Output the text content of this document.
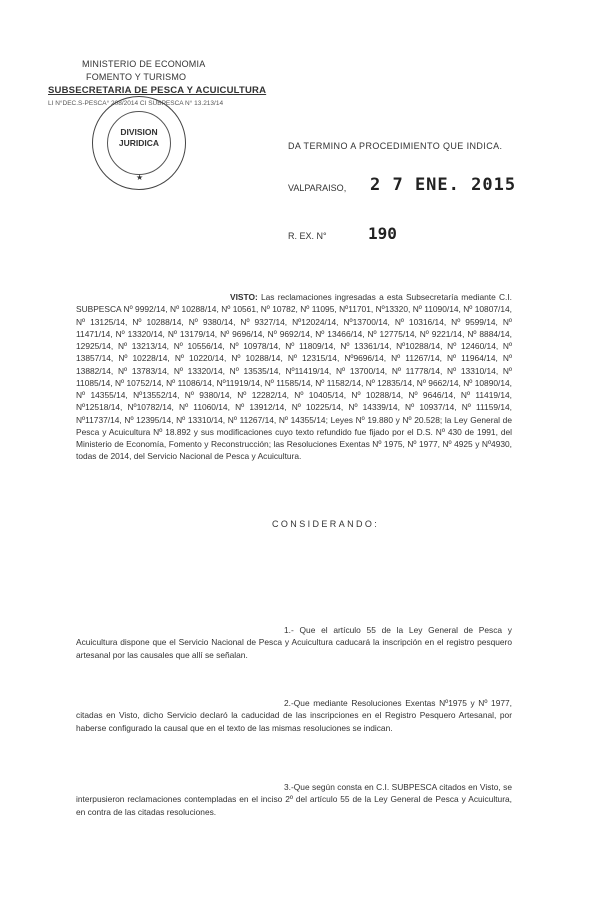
MINISTERIO DE ECONOMIA
FOMENTO Y TURISMO
SUBSECRETARIA DE PESCA Y ACUICULTURA
LI N°DEC.S-PESCA° 208/2014 CI SUBPESCA N° 13.213/14
DIVISION
JURIDICA
★
DA TERMINO A PROCEDIMIENTO QUE INDICA.
VALPARAISO, 2 7 ENE. 2015
R. EX. N°	190
VISTO: Las reclamaciones ingresadas a esta Subsecretaría mediante C.I. SUBPESCA Nº 9992/14, Nº 10288/14, Nº 10561, Nº 10782, Nº 11095, Nº11701, Nº13320, Nº 11090/14, Nº 10807/14, Nº 13125/14, Nº 10288/14, Nº 9380/14, Nº 9327/14, Nº12024/14, Nº13700/14, Nº 10316/14, Nº 9599/14, Nº 11471/14, Nº 13320/14, Nº 13179/14, Nº 9696/14, Nº 9692/14, Nº 13466/14, Nº 12775/14, Nº 9221/14, Nº 8884/14, 12925/14, Nº 13213/14, Nº 10556/14, Nº 10978/14, Nº 11809/14, Nº 13361/14, Nº10288/14, Nº 12460/14, Nº 13857/14, Nº 10228/14, Nº 10220/14, Nº 10288/14, Nº 12315/14, Nº9696/14, Nº 11267/14, Nº 11964/14, Nº 13882/14, Nº 13783/14, Nº 13320/14, Nº 13535/14, Nº11419/14, Nº 13700/14, Nº 11778/14, Nº 13310/14, Nº 11085/14, Nº 10752/14, Nº 11086/14, Nº11919/14, Nº 11585/14, Nº 11582/14, Nº 12835/14, Nº 9662/14, Nº 10890/14, Nº 14355/14, Nº13552/14, Nº 9380/14, Nº 12282/14, Nº 10405/14, Nº 10288/14, Nº 9646/14, Nº 11419/14, Nº12518/14, Nº10782/14, Nº 11060/14, Nº 13912/14, Nº 10225/14, Nº 14339/14, Nº 10937/14, Nº 11159/14, Nº11737/14, Nº 12395/14, Nº 13310/14, Nº 11267/14, Nº 14355/14; Leyes Nº 19.880 y Nº 20.528; la Ley General de Pesca y Acuicultura Nº 18.892 y sus modificaciones cuyo texto refundido fue fijado por el D.S. Nº 430 de 1991, del Ministerio de Economía, Fomento y Reconstrucción; las Resoluciones Exentas Nº 1975, Nº 1977, Nº 4925 y Nº4930, todas de 2014, del Servicio Nacional de Pesca y Acuicultura.
CONSIDERANDO:
1.- Que el artículo 55 de la Ley General de Pesca y Acuicultura dispone que el Servicio Nacional de Pesca y Acuicultura caducará la inscripción en el registro pesquero artesanal por las causales que allí se señalan.
2.-Que mediante Resoluciones Exentas Nº1975 y Nº 1977, citadas en Visto, dicho Servicio declaró la caducidad de las inscripciones en el Registro Pesquero Artesanal, por haberse configurado la causal que en el texto de las mismas resoluciones se indican.
3.-Que según consta en C.I. SUBPESCA citados en Visto, se interpusieron reclamaciones contempladas en el inciso 2º del artículo 55 de la Ley General de Pesca y Acuicultura, en contra de las citadas resoluciones.
